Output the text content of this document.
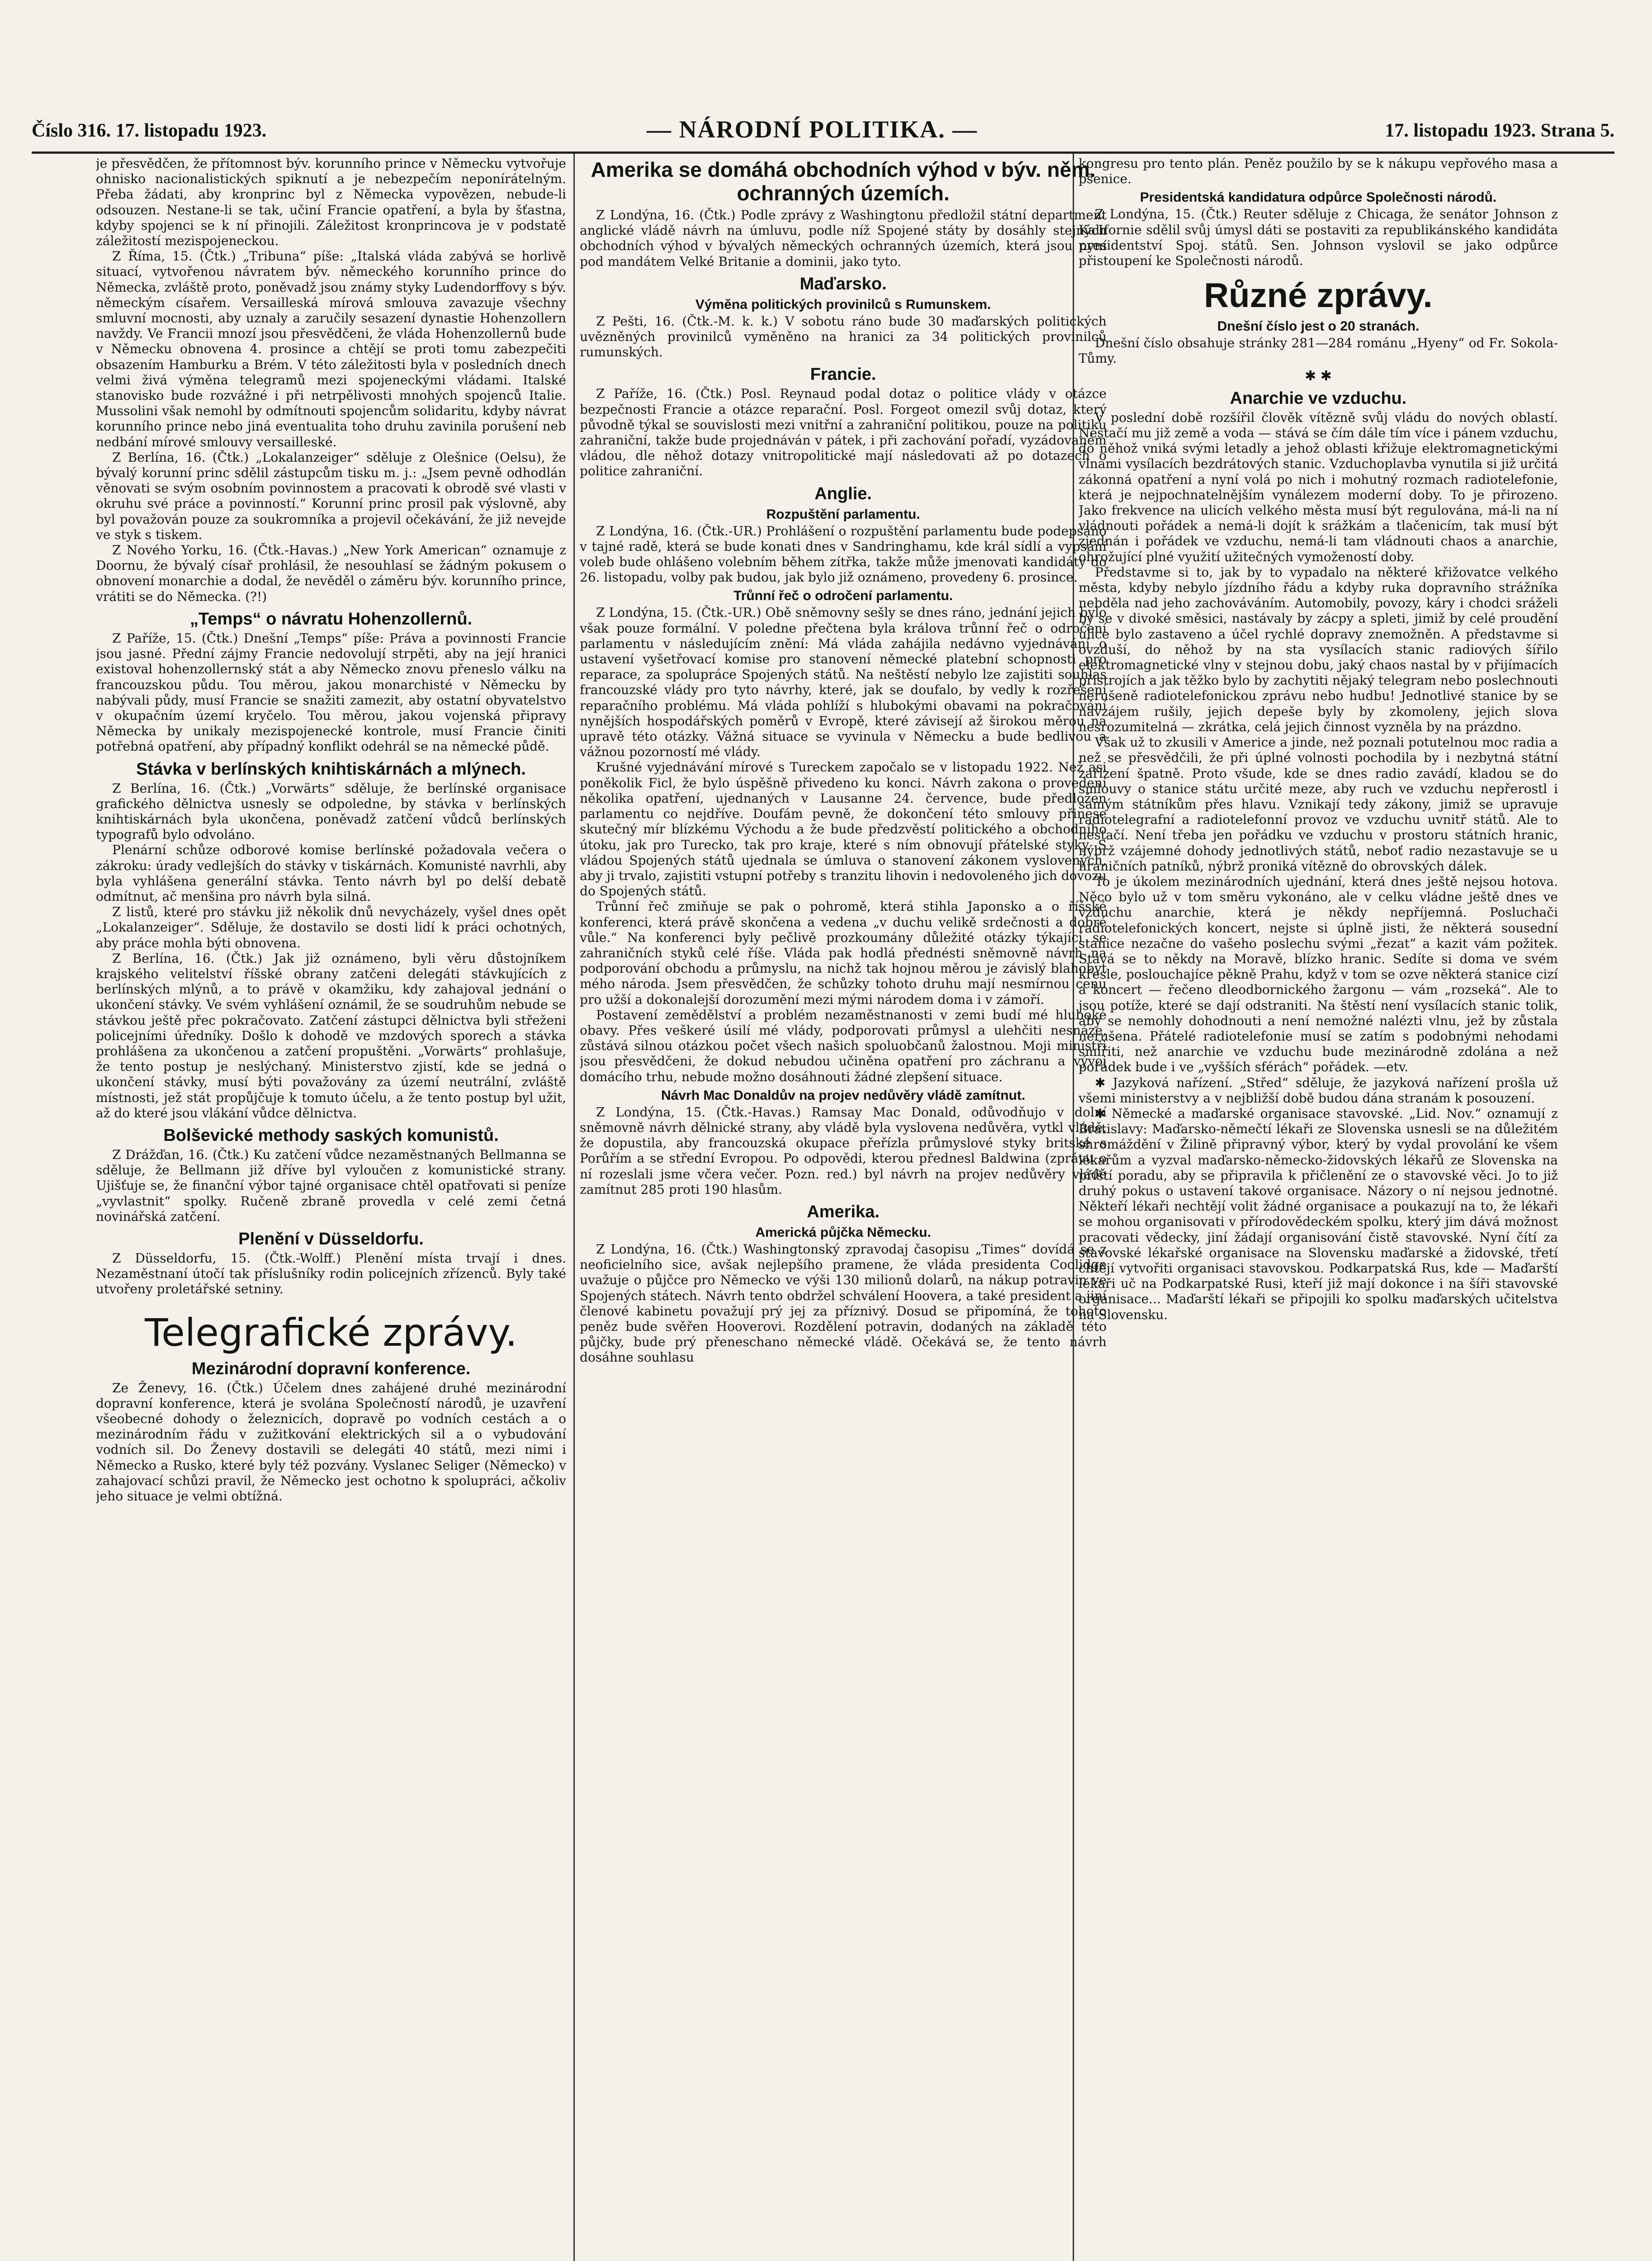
Číslo 316. 17. listopadu 1923.	— NÁRODNÍ POLITIKA. —	17. listopadu 1923. Strana 5.

je přesvědčen, že přítomnost býv. korunního prince v Německu vytvořuje ohnisko nacionalistických spiknutí a je nebezpečím neponírátelným. Přeba žádati, aby kronprinc byl z Německa vypovězen, nebude-li odsouzen. Nestane-li se tak, učiní Francie opatření, a byla by šťastna, kdyby spojenci se k ní přinojili. Záležitost kronprincova je v podstatě záležitostí mezispojeneckou.

Z Říma, 15. (Čtk.) „Tribuna“ píše: „Italská vláda zabývá se horlivě situací, vytvořenou návratem býv. německého korunního prince do Německa, zvláště proto, poněvadž jsou známy styky Ludendorffovy s býv. německým císařem. Versailleská mírová smlouva zavazuje všechny smluvní mocnosti, aby uznaly a zaručily sesazení dynastie Hohenzollern navždy. Ve Francii mnozí jsou přesvědčeni, že vláda Hohenzollernů bude v Německu obnovena 4. prosince a chtějí se proti tomu zabezpečiti obsazením Hamburku a Brém. V této záležitosti byla v posledních dnech velmi živá výměna telegramů mezi spojeneckými vládami. Italské stanovisko bude rozvážné i při netrpělivosti mnohých spojenců Italie. Mussolini však nemohl by odmítnouti spojencům solidaritu, kdyby návrat korunního prince nebo jiná eventualita toho druhu zavinila porušení neb nedbání mírové smlouvy versailleské.

Z Berlína, 16. (Čtk.) „Lokalanzeiger“ sděluje z Olešnice (Oelsu), že bývalý korunní princ sdělil zástupcům tisku m. j.: „Jsem pevně odhodlán věnovati se svým osobním povinnostem a pracovati k obrodě své vlasti v okruhu své práce a povinností.“ Korunní princ prosil pak výslovně, aby byl považován pouze za soukromníka a projevil očekávání, že již nevejde ve styk s tiskem.

Z Nového Yorku, 16. (Čtk.-Havas.) „New York American“ oznamuje z Doornu, že bývalý císař prohlásil, že nesouhlasí se žádným pokusem o obnovení monarchie a dodal, že nevěděl o záměru býv. korunního prince, vrátiti se do Německa. (?!)

„Temps“ o návratu Hohenzollernů.

Z Paříže, 15. (Čtk.) Dnešní „Temps“ píše: Práva a povinnosti Francie jsou jasné. Přední zájmy Francie nedovolují strpěti, aby na její hranici existoval hohenzollernský stát a aby Německo znovu přeneslo válku na francouzskou půdu. Tou měrou, jakou monarchisté v Německu by nabývali půdy, musí Francie se snažiti zamezit, aby ostatní obyvatelstvo v okupačním území kryčelo. Tou měrou, jakou vojenská připravy Německa by unikaly mezispojenecké kontrole, musí Francie činiti potřebná opatření, aby případný konflikt odehrál se na německé půdě.

Stávka v berlínských knihtiskárnách a mlýnech.

Z Berlína, 16. (Čtk.) „Vorwärts“ sděluje, že berlínské organisace grafického dělnictva usnesly se odpoledne, by stávka v berlínských knihtiskárnách byla ukončena, poněvadž zatčení vůdců berlínských typografů bylo odvoláno.

Plenární schůze odborové komise berlínské požadovala večera o zákroku: úrady vedlejších do stávky v tiskárnách. Komunisté navrhli, aby byla vyhlášena generální stávka. Tento návrh byl po delší debatě odmítnut, ač menšina pro návrh byla silná.

Z listů, které pro stávku již několik dnů nevycházely, vyšel dnes opět „Lokalanzeiger“. Sděluje, že dostavilo se dosti lidí k práci ochotných, aby práce mohla býti obnovena.

Z Berlína, 16. (Čtk.) Jak již oznámeno, byli věru důstojníkem krajského velitelství říšské obrany zatčeni delegáti stávkujících z berlínských mlýnů, a to právě v okamžiku, kdy zahajoval jednání o ukončení stávky. Ve svém vyhlášení oznámil, že se soudruhům nebude se stávkou ještě přec pokračovato. Zatčení zástupci dělnictva byli střeženi policejními úředníky. Došlo k dohodě ve mzdových sporech a stávka prohlášena za ukončenou a zatčení propuštěni. „Vorwärts“ prohlašuje, že tento postup je neslýchaný. Ministerstvo zjistí, kde se jedná o ukončení stávky, musí býti považovány za území neutrální, zvláště místnosti, jež stát propůjčuje k tomuto účelu, a že tento postup byl užit, až do které jsou vlákání vůdce dělnictva.

Bolševické methody saských komunistů.

Z Drážďan, 16. (Čtk.) Ku zatčení vůdce nezaměstnaných Bellmanna se sděluje, že Bellmann již dříve byl vyloučen z komunistické strany. Ujišťuje se, že finanční výbor tajné organisace chtěl opatřovati si peníze „vyvlastnit“ spolky. Ručeně zbraně provedla v celé zemi četná novinářská zatčení.

Plenění v Düsseldorfu.

Z Düsseldorfu, 15. (Čtk.-Wolff.) Plenění místa trvají i dnes. Nezaměstnaní útočí tak příslušníky rodin policejních zřízenců. Byly také utvořeny proletářské setniny.

Telegrafické zprávy.
Mezinárodní dopravní konference.

Ze Ženevy, 16. (Čtk.) Účelem dnes zahájené druhé mezinárodní dopravní konference, která je svolána Společností národů, je uzavření všeobecné dohody o železnicích, dopravě po vodních cestách a o mezinárodním řádu v zužitkování elektrických sil a o vybudování vodních sil. Do Ženevy dostavili se delegáti 40 států, mezi nimi i Německo a Rusko, které byly též pozvány. Vyslanec Seliger (Německo) v zahajovací schůzi pravil, že Německo jest ochotno k spolupráci, ačkoliv jeho situace je velmi obtížná.

Amerika se domáhá obchodních výhod v býv. něm. ochranných územích.

Z Londýna, 16. (Čtk.) Podle zprávy z Washingtonu předložil státní department anglické vládě návrh na úmluvu, podle níž Spojené státy by dosáhly stejných obchodních výhod v bývalých německých ochranných územích, která jsou nyní pod mandátem Velké Britanie a dominii, jako tyto.

Maďarsko.
Výměna politických provinilců s Rumunskem.

Z Pešti, 16. (Čtk.-M. k. k.) V sobotu ráno bude 30 maďarských politických uvězněných provinilců vyměněno na hranici za 34 politických provinilců rumunských.

Francie.

Z Paříže, 16. (Čtk.) Posl. Reynaud podal dotaz o politice vlády v otázce bezpečnosti Francie a otázce reparační. Posl. Forgeot omezil svůj dotaz, který původně týkal se souvislosti mezi vnitřní a zahraniční politikou, pouze na politiku zahraniční, takže bude projednáván v pátek, i při zachování pořadí, vyzádovaném vládou, dle něhož dotazy vnitropolitické mají následovati až po dotazech o politice zahraniční.

Anglie.
Rozpuštění parlamentu.

Z Londýna, 16. (Čtk.-UR.) Prohlášení o rozpuštění parlamentu bude podepsáno v tajné radě, která se bude konati dnes v Sandringhamu, kde král sídlí a vypsání voleb bude ohlášeno volebním během zítřka, takže může jmenovati kandidáty do 26. listopadu, volby pak budou, jak bylo již oznámeno, provedeny 6. prosince.

Trůnní řeč o odročení parlamentu.

Z Londýna, 15. (Čtk.-UR.) Obě sněmovny sešly se dnes ráno, jednání jejich bylo však pouze formální. V poledne přečtena byla králova trůnní řeč o odročení parlamentu v následujícím znění: Má vláda zahájila nedávno vyjednávání o ustavení vyšetřovací komise pro stanovení německé platební schopnosti pro reparace, za spolupráce Spojených států. Na neštěstí nebylo lze zajistiti souhlas francouzské vlády pro tyto návrhy, které, jak se doufalo, by vedly k rozřešení reparačního problému. Má vláda pohlíží s hlubokými obavami na pokračování nynějších hospodářských poměrů v Evropě, které závisejí až širokou měrou na upravě této otázky. Vážná situace se vyvinula v Německu a bude bedlivou a vážnou pozorností mé vlády.

Krušné vyjednávání mírové s Tureckem započalo se v listopadu 1922. Než asi poněkolik Ficl, že bylo úspěšně přivedeno ku konci. Návrh zakona o provedení několika opatření, ujednaných v Lausanne 24. července, bude předložen parlamentu co nejdříve. Doufám pevně, že dokončení této smlouvy přinese skutečný mír blízkému Východu a že bude předzvěstí politického a obchodního útoku, jak pro Turecko, tak pro kraje, které s ním obnovují přátelské styky. S vládou Spojených států ujednala se úmluva o stanovení zákonem vyslovených, aby ji trvalo, zajistiti vstupní potřeby s tranzitu lihovin i nedovoleného jich dovozu do Spojených států.

Trůnní řeč zmiňuje se pak o pohromě, která stihla Japonsko a o říšské konferenci, která právě skončena a vedena „v duchu velikě srdečnosti a dobré vůle.“ Na konferenci byly pečlivě prozkoumány důležité otázky týkající se zahraničních styků celé říše. Vláda pak hodlá přednésti sněmovně návrh na podporování obchodu a průmyslu, na nichž tak hojnou měrou je závislý blahobyt mého národa. Jsem přesvědčen, že schůzky tohoto druhu mají nesmírnou cenu pro užší a dokonalejší dorozumění mezi mými národem doma i v zámoří.

Postavení zemědělství a problém nezaměstnanosti v zemi budí mé hluboké obavy. Přes veškeré úsilí mé vlády, podporovati průmysl a ulehčiti nesnáze, zůstává silnou otázkou počet všech našich spoluobčanů žalostnou. Moji ministři jsou přesvědčeni, že dokud nebudou učiněna opatření pro záchranu a vývoj domácího trhu, nebude možno dosáhnouti žádné zlepšení situace.

Návrh Mac Donaldův na projev nedůvěry vládě zamítnut.

Z Londýna, 15. (Čtk.-Havas.) Ramsay Mac Donald, odůvodňujo v dolní sněmovně návrh dělnické strany, aby vládě byla vyslovena nedůvěra, vytkl vládě, že dopustila, aby francouzská okupace přeřízla průmyslové styky britské s Porůřím a se střední Evropou. Po odpovědi, kterou přednesl Baldwina (zprávu o ní rozeslali jsme včera večer. Pozn. red.) byl návrh na projev nedůvěry vládě zamítnut 285 proti 190 hlasům.

Amerika.
Americká půjčka Německu.

Z Londýna, 16. (Čtk.) Washingtonský zpravodaj časopisu „Times“ dovídá se z neoficielního sice, avšak nejlepšího pramene, že vláda presidenta Coolidge uvažuje o půjčce pro Německo ve výši 130 milionů dolarů, na nákup potravin ve Spojených státech. Návrh tento obdržel schválení Hoovera, a také president a jiní členové kabinetu považují prý jej za příznivý. Dosud se připomíná, že tohoto peněz bude svěřen Hooverovi. Rozdělení potravin, dodaných na základě této půjčky, bude prý přeneschano německé vládě. Očekává se, že tento návrh dosáhne souhlasu

kongresu pro tento plán. Peněz použilo by se k nákupu vepřového masa a pšenice.

Presidentská kandidatura odpůrce Společnosti národů.

Z Londýna, 15. (Čtk.) Reuter sděluje z Chicaga, že senátor Johnson z Kalifornie sdělil svůj úmysl dáti se postaviti za republikánského kandidáta presidentství Spoj. států. Sen. Johnson vyslovil se jako odpůrce přistoupení ke Společnosti národů.

Různé zprávy.
Dnešní číslo jest o 20 stranách.

Dnešní číslo obsahuje stránky 281—284 románu „Hyeny“ od Fr. Sokola-Tůmy.

✱ ✱
Anarchie ve vzduchu.

V poslední době rozšířil člověk vítězně svůj vládu do nových oblastí. Nestačí mu již země a voda — stává se čím dále tím více i pánem vzduchu, do něhož vniká svými letadly a jehož oblasti křižuje elektromagnetickými vlnami vysílacích bezdrátových stanic. Vzduchoplavba vynutila si již určitá zákonná opatření a nyní volá po nich i mohutný rozmach radiotelefonie, která je nejpochnatelnějším vynálezem moderní doby. To je přirozeno. Jako frekvence na ulicích velkého města musí být regulována, má-li na ní vládnouti pořádek a nemá-li dojít k srážkám a tlačenicím, tak musí být zjednán i pořádek ve vzduchu, nemá-li tam vládnouti chaos a anarchie, ohrožující plné využití užitečných vymožeností doby.

Představme si to, jak by to vypadalo na některé křižovatce velkého města, kdyby nebylo jízdního řádu a kdyby ruka dopravního strážníka nebděla nad jeho zachováváním. Automobily, povozy, káry i chodci sráželi by se v divoké směsici, nastávaly by zácpy a spleti, jimiž by celé proudění ulice bylo zastaveno a účel rychlé dopravy znemožněn. A představme si ovzduší, do něhož by na sta vysílacích stanic radiových šířilo elektromagnetické vlny v stejnou dobu, jaký chaos nastal by v přijímacích přístrojích a jak těžko bylo by zachytiti nějaký telegram nebo poslechnouti nerušeně radiotelefonickou zprávu nebo hudbu! Jednotlivé stanice by se navzájem rušily, jejich depeše byly by zkomoleny, jejich slova nesrozumitelná — zkrátka, celá jejich činnost vyzněla by na prázdno.

Však už to zkusili v Americe a jinde, než poznali potutelnou moc radia a než se přesvědčili, že při úplné volnosti pochodila by i nezbytná státní zařízení špatně. Proto všude, kde se dnes radio zavádí, kladou se do smlouvy o stanice státu určité meze, aby ruch ve vzduchu nepřerostl i samým státníkům přes hlavu. Vznikají tedy zákony, jimiž se upravuje radiotelegrafní a radiotelefonní provoz ve vzduchu uvnitř států. Ale to nestačí. Není třeba jen pořádku ve vzduchu v prostoru státních hranic, nýbrž vzájemné dohody jednotlivých států, neboť radio nezastavuje se u hraničních patníků, nýbrž proniká vítězně do obrovských dálek.

To je úkolem mezinárodních ujednání, která dnes ještě nejsou hotova. Něco bylo už v tom směru vykonáno, ale v celku vládne ještě dnes ve vzduchu anarchie, která je někdy nepříjemná. Posluchači radiotelefonických koncert, nejste si úplně jisti, že některá sousední stanice nezačne do vašeho poslechu svými „řezat“ a kazit vám požitek. Stává se to někdy na Moravě, blízko hranic. Sedíte si doma ve svém křesle, poslouchajíce pěkně Prahu, když v tom se ozve některá stanice cizí a koncert — řečeno dleodbornického žargonu — vám „rozseká“. Ale to jsou potíže, které se dají odstraniti. Na štěstí není vysílacích stanic tolik, aby se nemohly dohodnouti a není nemožné nalézti vlnu, jež by zůstala nerušena. Přátelé radiotelefonie musí se zatím s podobnými nehodami smířiti, než anarchie ve vzduchu bude mezinárodně zdolána a než pořádek bude i ve „vyšších sférách“ pořádek. —etv.

✱ Jazyková nařízení. „Střed“ sděluje, že jazyková nařízení prošla už všemi ministerstvy a v nejbližší době budou dána stranám k posouzení.

✱ Německé a maďarské organisace stavovské. „Lid. Nov.“ oznamují z Bratislavy: Maďarsko-němečtí lékaři ze Slovenska usnesli se na důležitém shromáždění v Žilině připravný výbor, který by vydal provolání ke všem lékařům a vyzval maďarsko-německo-židovských lékařů ze Slovenska na příští poradu, aby se připravila k přičlenění ze o stavovské věci. Jo to již druhý pokus o ustavení takové organisace. Názory o ní nejsou jednotné. Někteří lékaři nechtějí volit žádné organisace a poukazují na to, že lékaři se mohou organisovati v přírodovědeckém spolku, který jim dává možnost pracovati vědecky, jiní žádají organisování čistě stavovské. Nyní čítí za stavovské lékařské organisace na Slovensku maďarské a židovské, třetí chtějí vytvořiti organisaci stavovskou. Podkarpatská Rus, kde — Maďarští lékaři uč na Podkarpatské Rusi, kteří již mají dokonce i na šíři stavovské organisace... Maďarští lékaři se připojili ko spolku maďarských učitelstva na Slovensku.
